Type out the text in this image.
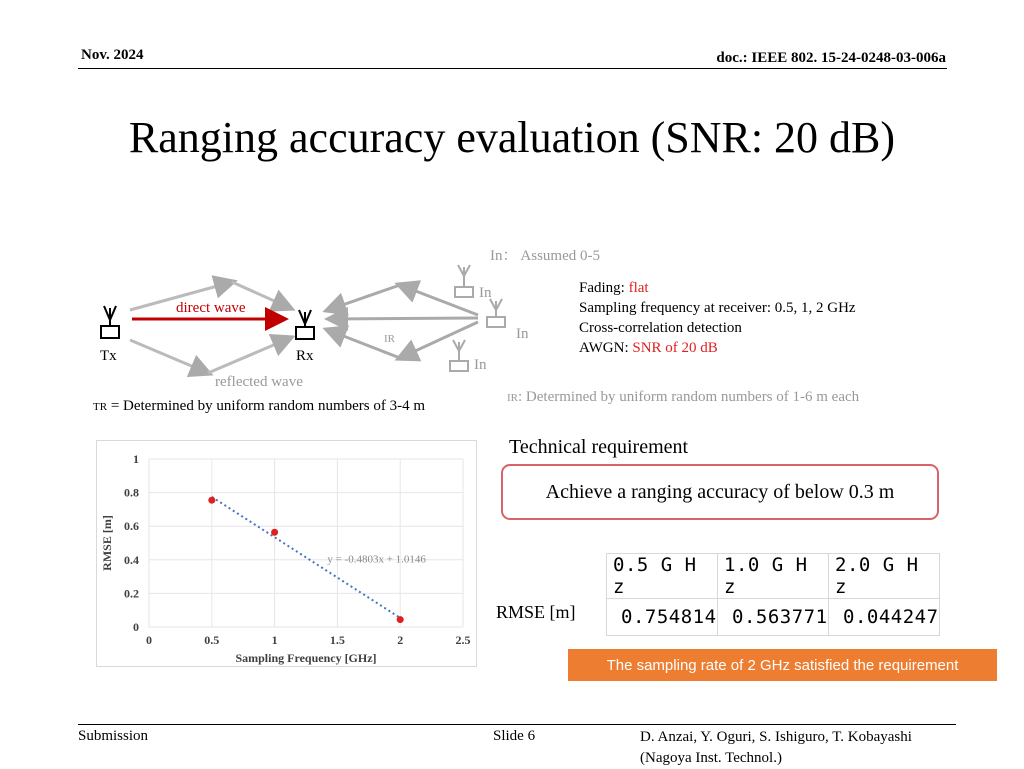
Nov. 2024	doc.: IEEE 802. 15-24-0248-03-006a
Ranging accuracy evaluation (SNR: 20 dB)
direct wave
Tx	Rx
reflected wave
In： Assumed 0-5
In
In
In
IR
TR = Determined by uniform random numbers of 3-4 m	IR: Determined by uniform random numbers of 1-6 m each
Fading: flat
Sampling frequency at receiver: 0.5, 1, 2 GHz
Cross-correlation detection
AWGN: SNR of 20 dB
0	0.5	1	1.5	2	2.5
0
0.2
0.4
0.6
0.8
1
y = -0.4803x + 1.0146
Sampling Frequency [GHz]
RMSE [m]
Technical requirement
Achieve a ranging accuracy of below 0.3 m
RMSE [m]
0.5 G H z	1.0 G H z	2.0 G H z
0.754814	0.563771	0.044247
The sampling rate of 2 GHz satisfied the requirement
Submission	Slide 6	D. Anzai, Y. Oguri, S. Ishiguro, T. Kobayashi
(Nagoya Inst. Technol.)
